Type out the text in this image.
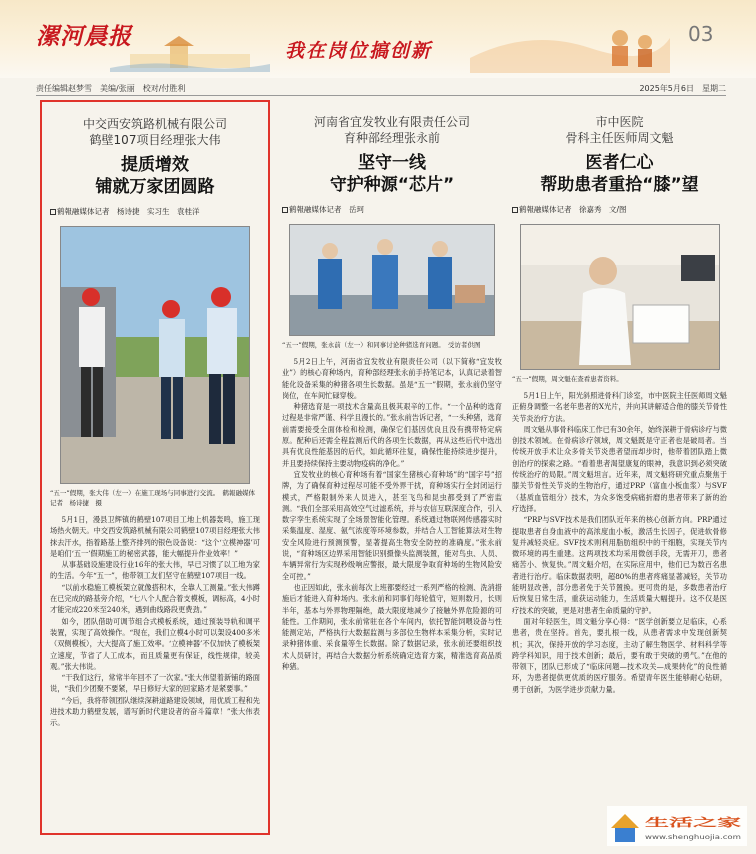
漯河晨报
我在岗位搞创新
03
责任编辑赵梦雪　美编/张丽　校对/付胜利	2025年5月6日　星期二
中交西安筑路机械有限公司
鹤壁107项目经理张大伟
提质增效
铺就万家团圆路
鹤報融媒体记者　杨诗捷　实习生　袁桂洋
“五一”假期，张大伟（左一）在施工现场与同事进行交流。　鹤報融媒体记者　杨诗捷　摄

5月1日，漫县卫辉镇的鹤壁107项目工地上机器轰鸣，施工现场热火朝天。中交西安筑路机械有限公司鹤壁107项目经理张大伟抹去汗水，指着路基上整齐排列的银色设备说：“这个‘立模神器’可是咱们‘五一’假期施工的秘密武器，能大幅提升作业效率！”

从事基础设施建设行业16年的张大伟，早已习惯了以工地为家的生活。今年“五一”，他带领工友们坚守在鹤壁107项目一线。

“以前水稳施工模板架立就像搭积木，全靠人工测量。”张大伟蹲在已完成的路基旁介绍，“七八个人配合着支模板，调标高，4小时才能完成220米至240米，遇到曲线路段更费劲。”

如今，团队借助可调节组合式模板系统，通过预装导轨和调平装置，实现了高效操作。“现在，我们立模4小时可以架设400多米（双侧模板），大大提高了施工效率。‘立模神器’不仅加快了模板架立速度，节省了人工成本，而且质量更有保证，线性规律，较美观。”张大伟说。

“干我们这行，常常半年回不了一次家。”张大伟望着新铺的路面说，“我们少团聚不要紧，早日修好大家的回家路才是紧要事。”

“今后，我将带领团队继续深耕道路建设领域，用优质工程和先进技术助力鹤壁发展，谱写新时代建设者的奋斗篇章！”张大伟表示。

河南省宜发牧业有限责任公司
育种部经理张永前
坚守一线
守护种源“芯片”
鹤報融媒体记者　岳珂
“五一”假期，张永前（左一）和同事讨论种猪选育问题。　受访者供图

5月2日上午，河南省宜发牧业有限责任公司（以下简称“宜发牧业”）的核心育种场内，育种部经理张永前手持笔记本，认真记录着智能化设备采集的种猪各项生长数据。虽是“五一”假期，张永前仍坚守岗位，在车间忙碌穿梭。

种猪选育是一项技术含量高且极其艰辛的工作。“一个品种的选育过程是非常严谨、科学且漫长的。”张永前告诉记者，“一头种猪，选育前需要接受全面体检和检测，确保它们基因优良且没有携带特定病原。配种后还需全程监测后代的各项生长数据，再从这些后代中选出具有优良性能基因的后代，如此循环往复，确保性能持续进步提升，并且要持续保持主要动物疫病的净化。”

宜发牧业的核心育种场有着“国家生猪核心育种场”的“国字号”招牌，为了确保育种过程尽可能不受外界干扰，育种场实行全封闭运行模式，严格限制外来人员进入，甚至飞鸟和昆虫都受到了严密监测。“我们全部采用高效空气过滤系统，并与农信互联深度合作，引入数字孪生系统实现了全场景智能化管理。系统通过物联网传感器实时采集温度、湿度、氨气浓度等环境参数，并结合人工智能算法对生物安全风险进行预测预警，显著提高生物安全防控的准确度。”张永前说，“育种场区边界采用智能识别摄像头监测装置，能对鸟虫、人员、车辆异常行为实现秒级响应警报，最大限度争取育种场的生物风险安全可控。”

也正因如此，张永前每次上班都要经过一系列严格的检测、洗消措施后才能进入育种场内。张永前和同事们每轮值守，短则数月，长则半年，基本与外界物理隔绝，最大限度地减少了接触外界危险源的可能性。工作期间，张永前常驻在各个车间内，依托智能饲喂设备与性能测定站，严格执行大数据监测与多部位生物样本采集分析，实时记录种猪体重、采食量等生长数据。除了数据记录，张永前还要组织技术人员研讨，再结合大数据分析系统确定选育方案，精准选育高品质种猪。

市中医院
骨科主任医师周文魁
医者仁心
帮助患者重拾“膝”望
鹤報融媒体记者　徐嘉秀　文/图
“五一”假期，周文魁在查看患者资料。

5月1日上午，阳光斜照进骨科门诊室，市中医院主任医师周文魁正俯身调整一名老年患者的X光片，并向其讲解适合他的膝关节骨性关节炎治疗方法。

周文魁从事骨科临床工作已有30余年，始终深耕于骨病诊疗与微创技术领域。在骨病诊疗领域，周文魁既是守正者也是破局者。当传统开放手术让众多骨关节炎患者望而却步时，他带着团队踏上微创治疗的探索之路。“看着患者渴望康复的眼神，我意识到必须突破传统治疗的局限。”周文魁坦言。近年来，周文魁将研究重点聚焦于膝关节骨性关节炎的生物治疗，通过PRP（富血小板血浆）与SVF（基质血管组分）技术，为众多饱受病痛折磨的患者带来了新的治疗选择。

“PRP与SVF技术是我们团队近年来的核心创新方向。PRP通过提取患者自身血液中的高浓度血小板，激活生长因子，促进软骨修复并减轻炎症。SVF技术则利用脂肪组织中的干细胞，实现关节内微环境的再生重建。这两项技术均采用微创手段，无需开刀，患者痛苦小、恢复快。”周文魁介绍，在实际应用中，他们已为数百名患者进行治疗。临床数据表明，超80%的患者疼痛显著减轻，关节功能明显改善，部分患者免于关节置换。更可贵的是，多数患者治疗后恢复日常生活，重获运动能力，生活质量大幅提升。这不仅是医疗技术的突破，更是对患者生命质量的守护。

面对年轻医生，周文魁分享心得：“医学创新要立足临床，心系患者，贵在坚持。首先，要扎根一线，从患者需求中发现创新契机；其次，保持开放的学习态度，主动了解生物医学、材料科学等跨学科知识，用于技术创新；最后，要有敢于突破的勇气。”在他的带领下，团队已形成了“临床问题—技术攻关—成果转化”的良性循环，为患者提供更优质的医疗服务。希望青年医生能够耐心钻研，勇于创新，为医学进步贡献力量。

生活之家
www.shenghuojia.com
